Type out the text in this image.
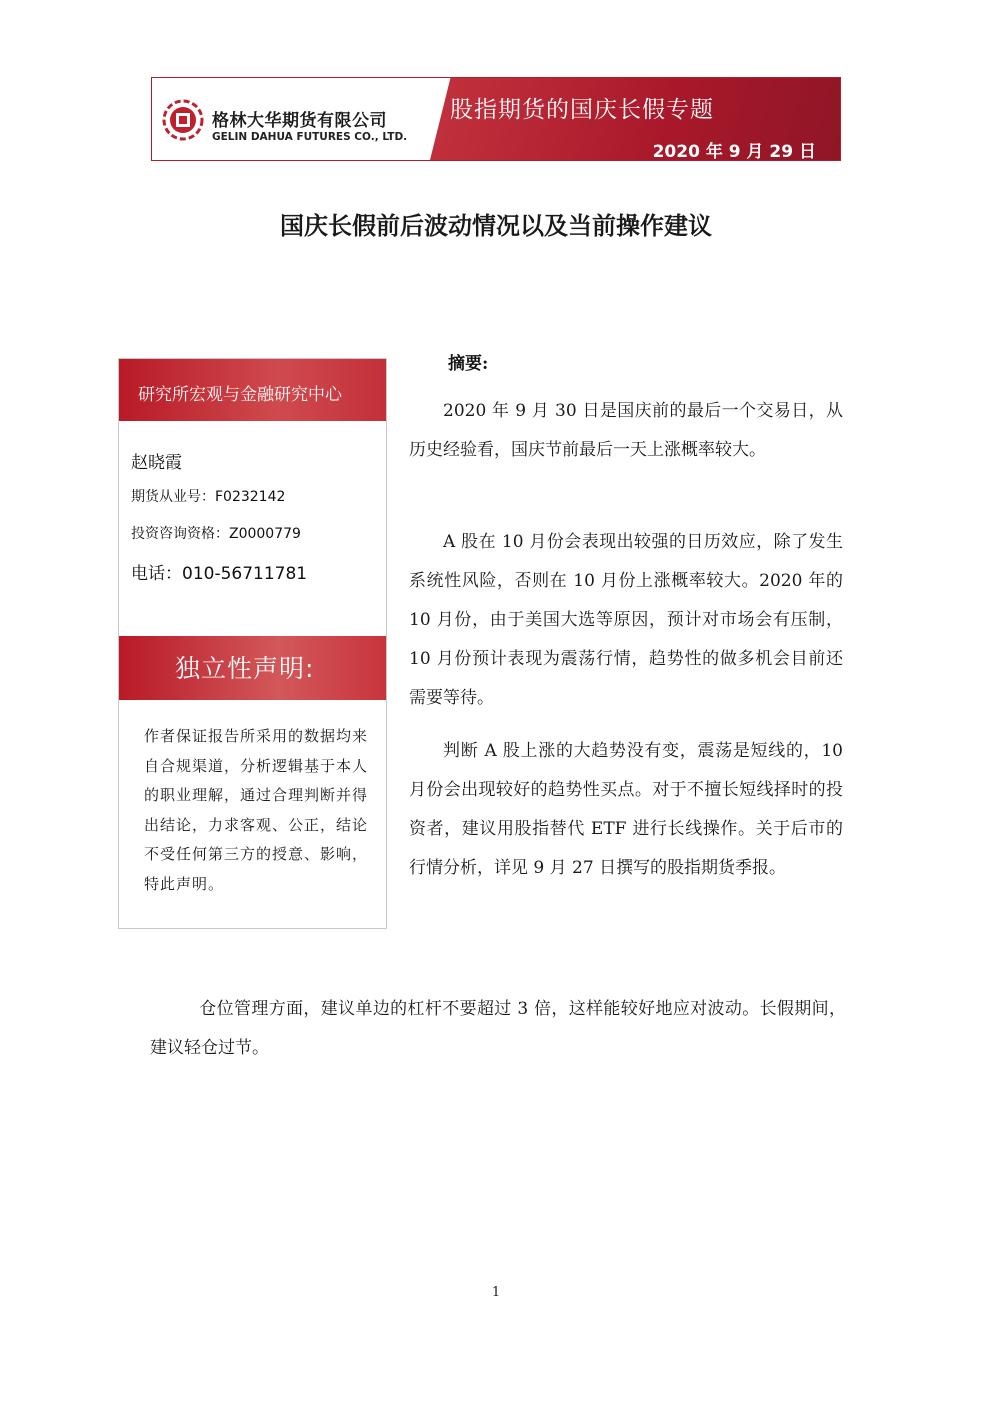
格林大华期货有限公司
GELIN DAHUA FUTURES CO., LTD.
股指期货的国庆长假专题
2020 年 9 月 29 日
国庆长假前后波动情况以及当前操作建议
研究所宏观与金融研究中心
赵晓霞
期货从业号：F0232142
投资咨询资格：Z0000779
电话：010-56711781
独立性声明:
作者保证报告所采用的数据均来自合规渠道，分析逻辑基于本人的职业理解，通过合理判断并得出结论，力求客观、公正，结论不受任何第三方的授意、影响，特此声明。
摘要:
2020 年 9 月 30 日是国庆前的最后一个交易日，从历史经验看，国庆节前最后一天上涨概率较大。
A 股在 10 月份会表现出较强的日历效应，除了发生系统性风险，否则在 10 月份上涨概率较大。2020 年的 10 月份，由于美国大选等原因，预计对市场会有压制，10 月份预计表现为震荡行情，趋势性的做多机会目前还需要等待。
判断 A 股上涨的大趋势没有变，震荡是短线的，10 月份会出现较好的趋势性买点。对于不擅长短线择时的投资者，建议用股指替代 ETF 进行长线操作。关于后市的行情分析，详见 9 月 27 日撰写的股指期货季报。
仓位管理方面，建议单边的杠杆不要超过 3 倍，这样能较好地应对波动。长假期间，建议轻仓过节。
1
